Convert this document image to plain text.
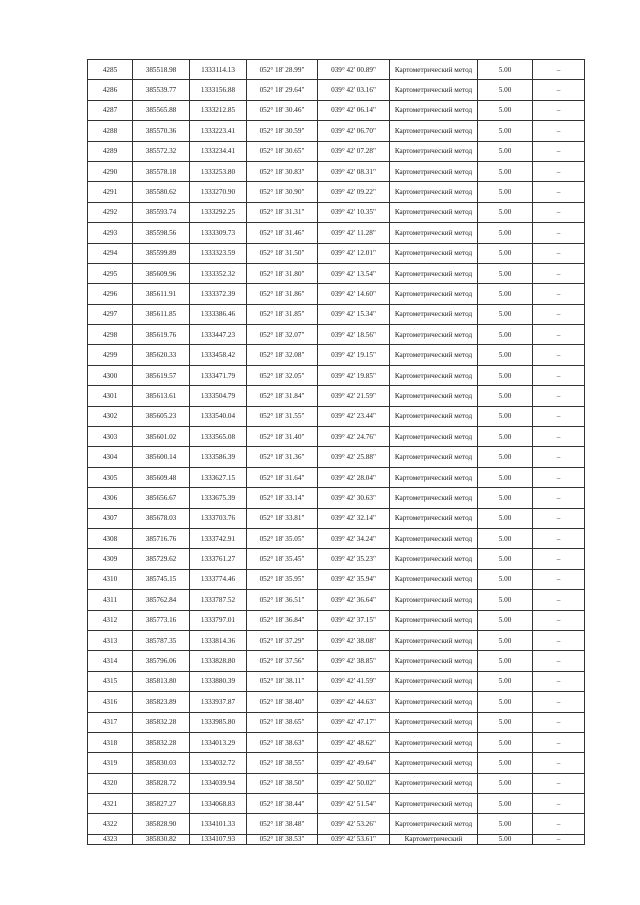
4285	385518.98	1333114.13	052° 18' 28.99"	039° 42' 00.89"	Картометрический метод	5.00	–
4286	385539.77	1333156.88	052° 18' 29.64"	039° 42' 03.16"	Картометрический метод	5.00	–
4287	385565.88	1333212.85	052° 18' 30.46"	039° 42' 06.14"	Картометрический метод	5.00	–
4288	385570.36	1333223.41	052° 18' 30.59"	039° 42' 06.70"	Картометрический метод	5.00	–
4289	385572.32	1333234.41	052° 18' 30.65"	039° 42' 07.28"	Картометрический метод	5.00	–
4290	385578.18	1333253.80	052° 18' 30.83"	039° 42' 08.31"	Картометрический метод	5.00	–
4291	385580.62	1333270.90	052° 18' 30.90"	039° 42' 09.22"	Картометрический метод	5.00	–
4292	385593.74	1333292.25	052° 18' 31.31"	039° 42' 10.35"	Картометрический метод	5.00	–
4293	385598.56	1333309.73	052° 18' 31.46"	039° 42' 11.28"	Картометрический метод	5.00	–
4294	385599.89	1333323.59	052° 18' 31.50"	039° 42' 12.01"	Картометрический метод	5.00	–
4295	385609.96	1333352.32	052° 18' 31.80"	039° 42' 13.54"	Картометрический метод	5.00	–
4296	385611.91	1333372.39	052° 18' 31.86"	039° 42' 14.60"	Картометрический метод	5.00	–
4297	385611.85	1333386.46	052° 18' 31.85"	039° 42' 15.34"	Картометрический метод	5.00	–
4298	385619.76	1333447.23	052° 18' 32.07"	039° 42' 18.56"	Картометрический метод	5.00	–
4299	385620.33	1333458.42	052° 18' 32.08"	039° 42' 19.15"	Картометрический метод	5.00	–
4300	385619.57	1333471.79	052° 18' 32.05"	039° 42' 19.85"	Картометрический метод	5.00	–
4301	385613.61	1333504.79	052° 18' 31.84"	039° 42' 21.59"	Картометрический метод	5.00	–
4302	385605.23	1333540.04	052° 18' 31.55"	039° 42' 23.44"	Картометрический метод	5.00	–
4303	385601.02	1333565.08	052° 18' 31.40"	039° 42' 24.76"	Картометрический метод	5.00	–
4304	385600.14	1333586.39	052° 18' 31.36"	039° 42' 25.88"	Картометрический метод	5.00	–
4305	385609.48	1333627.15	052° 18' 31.64"	039° 42' 28.04"	Картометрический метод	5.00	–
4306	385656.67	1333675.39	052° 18' 33.14"	039° 42' 30.63"	Картометрический метод	5.00	–
4307	385678.03	1333703.76	052° 18' 33.81"	039° 42' 32.14"	Картометрический метод	5.00	–
4308	385716.76	1333742.91	052° 18' 35.05"	039° 42' 34.24"	Картометрический метод	5.00	–
4309	385729.62	1333761.27	052° 18' 35.45"	039° 42' 35.23"	Картометрический метод	5.00	–
4310	385745.15	1333774.46	052° 18' 35.95"	039° 42' 35.94"	Картометрический метод	5.00	–
4311	385762.84	1333787.52	052° 18' 36.51"	039° 42' 36.64"	Картометрический метод	5.00	–
4312	385773.16	1333797.01	052° 18' 36.84"	039° 42' 37.15"	Картометрический метод	5.00	–
4313	385787.35	1333814.36	052° 18' 37.29"	039° 42' 38.08"	Картометрический метод	5.00	–
4314	385796.06	1333828.80	052° 18' 37.56"	039° 42' 38.85"	Картометрический метод	5.00	–
4315	385813.80	1333880.39	052° 18' 38.11"	039° 42' 41.59"	Картометрический метод	5.00	–
4316	385823.89	1333937.87	052° 18' 38.40"	039° 42' 44.63"	Картометрический метод	5.00	–
4317	385832.28	1333985.80	052° 18' 38.65"	039° 42' 47.17"	Картометрический метод	5.00	–
4318	385832.28	1334013.29	052° 18' 38.63"	039° 42' 48.62"	Картометрический метод	5.00	–
4319	385830.03	1334032.72	052° 18' 38.55"	039° 42' 49.64"	Картометрический метод	5.00	–
4320	385828.72	1334039.94	052° 18' 38.50"	039° 42' 50.02"	Картометрический метод	5.00	–
4321	385827.27	1334068.83	052° 18' 38.44"	039° 42' 51.54"	Картометрический метод	5.00	–
4322	385828.90	1334101.33	052° 18' 38.48"	039° 42' 53.26"	Картометрический метод	5.00	–
4323	385830.82	1334107.93	052° 18' 38.53"	039° 42' 53.61"	Картометрический	5.00	–
